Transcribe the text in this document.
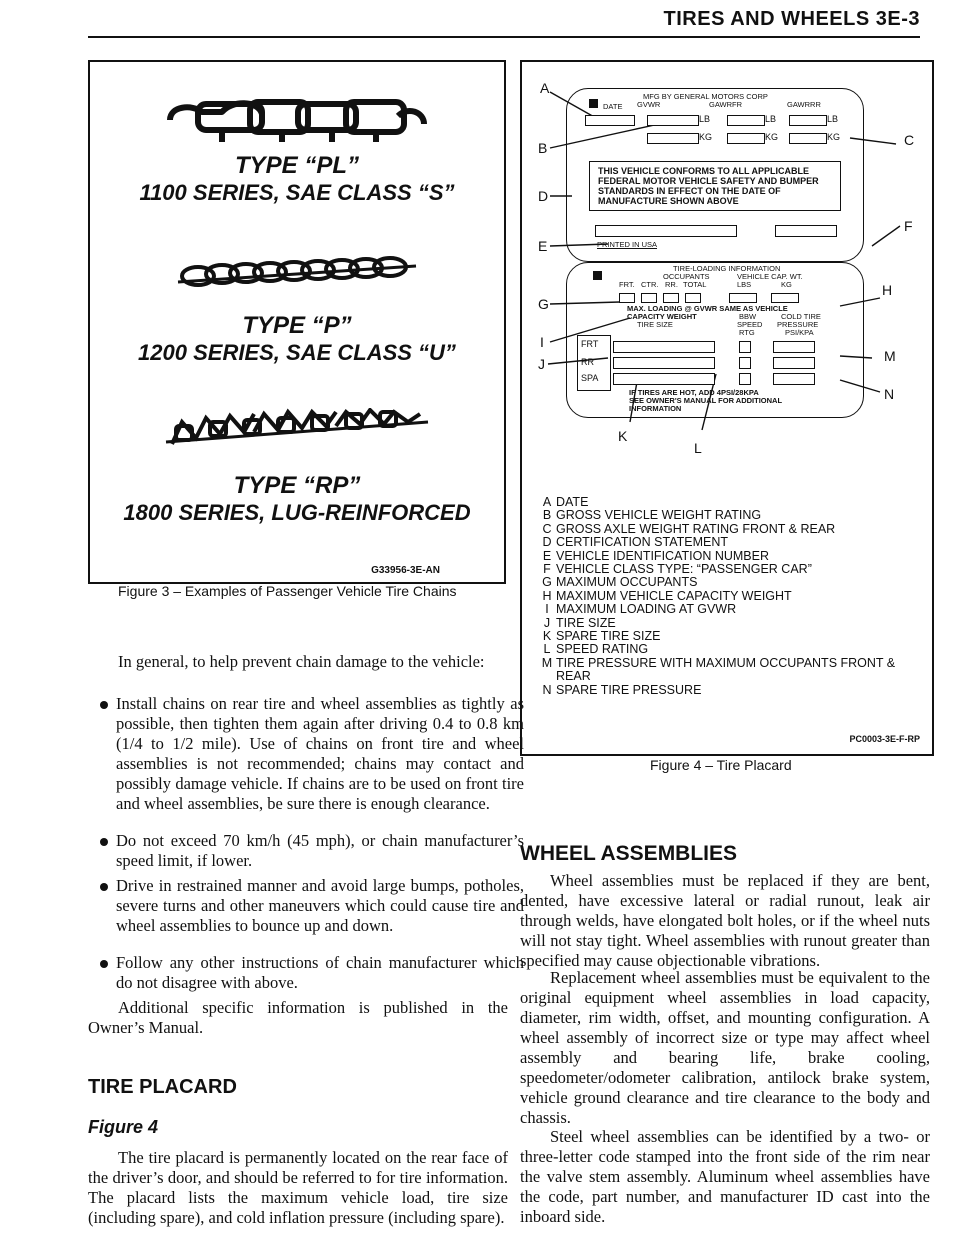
TIRES AND WHEELS 3E-3
TYPE “PL”
1100 SERIES, SAE CLASS “S”
TYPE “P”
1200 SERIES, SAE CLASS “U”
TYPE “RP”
1800 SERIES, LUG-REINFORCED
G33956-3E-AN
Figure 3 – Examples of Passenger Vehicle Tire Chains
In general, to help prevent chain damage to the vehicle:
Install chains on rear tire and wheel assemblies as tightly as possible, then tighten them again after driving 0.4 to 0.8 km (1/4 to 1/2 mile). Use of chains on front tire and wheel assemblies is not recommended; chains may contact and possibly damage vehicle. If chains are to be used on front tire and wheel assemblies, be sure there is enough clearance.
Do not exceed 70 km/h (45 mph), or chain manufacturer’s speed limit, if lower.
Drive in restrained manner and avoid large bumps, potholes, severe turns and other maneuvers which could cause tire and wheel assemblies to bounce up and down.
Follow any other instructions of chain manufacturer which do not disagree with above.
Additional specific information is published in the Owner’s Manual.
TIRE PLACARD
Figure 4
The tire placard is permanently located on the rear face of the driver’s door, and should be referred to for tire information. The placard lists the maximum vehicle load, tire size (including spare), and cold inflation pressure (including spare).
A
B	C
D
E
F
G
H
I
J
K
L
M
N
MFG BY GENERAL MOTORS CORP
DATE GVWR	GAWRFR	GAWRRR
LB	LB	LB
KG	KG	KG
THIS VEHICLE CONFORMS TO ALL APPLICABLE FEDERAL MOTOR VEHICLE SAFETY AND BUMPER STANDARDS IN EFFECT ON THE DATE OF MANUFACTURE SHOWN ABOVE
PRINTED IN USA
TIRE-LOADING INFORMATION
OCCUPANTS	VEHICLE CAP. WT.
FRT. CTR. RR. TOTAL	LBS	KG
MAX. LOADING @ GVWR SAME AS VEHICLE
CAPACITY WEIGHT
TIRE SIZE
BBW
SPEED
RTG
COLD TIRE
PRESSURE
PSI/KPA
FRT
RR
SPA
IF TIRES ARE HOT, ADD 4PSI/28KPA
SEE OWNER'S MANUAL FOR ADDITIONAL
INFORMATION
A DATE
B GROSS VEHICLE WEIGHT RATING
C GROSS AXLE WEIGHT RATING FRONT & REAR
D CERTIFICATION STATEMENT
E VEHICLE IDENTIFICATION NUMBER
F VEHICLE CLASS TYPE: “PASSENGER CAR”
G MAXIMUM OCCUPANTS
H MAXIMUM VEHICLE CAPACITY WEIGHT
I MAXIMUM LOADING AT GVWR
J TIRE SIZE
K SPARE TIRE SIZE
L SPEED RATING
M TIRE PRESSURE WITH MAXIMUM OCCUPANTS FRONT & REAR
N SPARE TIRE PRESSURE
PC0003-3E-F-RP
Figure 4 – Tire Placard
WHEEL ASSEMBLIES
Wheel assemblies must be replaced if they are bent, dented, have excessive lateral or radial runout, leak air through welds, have elongated bolt holes, or if the wheel nuts will not stay tight. Wheel assemblies with runout greater than specified may cause objectionable vibrations.
Replacement wheel assemblies must be equivalent to the original equipment wheel assemblies in load capacity, diameter, rim width, offset, and mounting configuration. A wheel assembly of incorrect size or type may affect wheel assembly and bearing life, brake cooling, speedometer/odometer calibration, antilock brake system, vehicle ground clearance and tire clearance to the body and chassis.
Steel wheel assemblies can be identified by a two- or three-letter code stamped into the front side of the rim near the valve stem assembly. Aluminum wheel assemblies have the code, part number, and manufacturer ID cast into the inboard side.
